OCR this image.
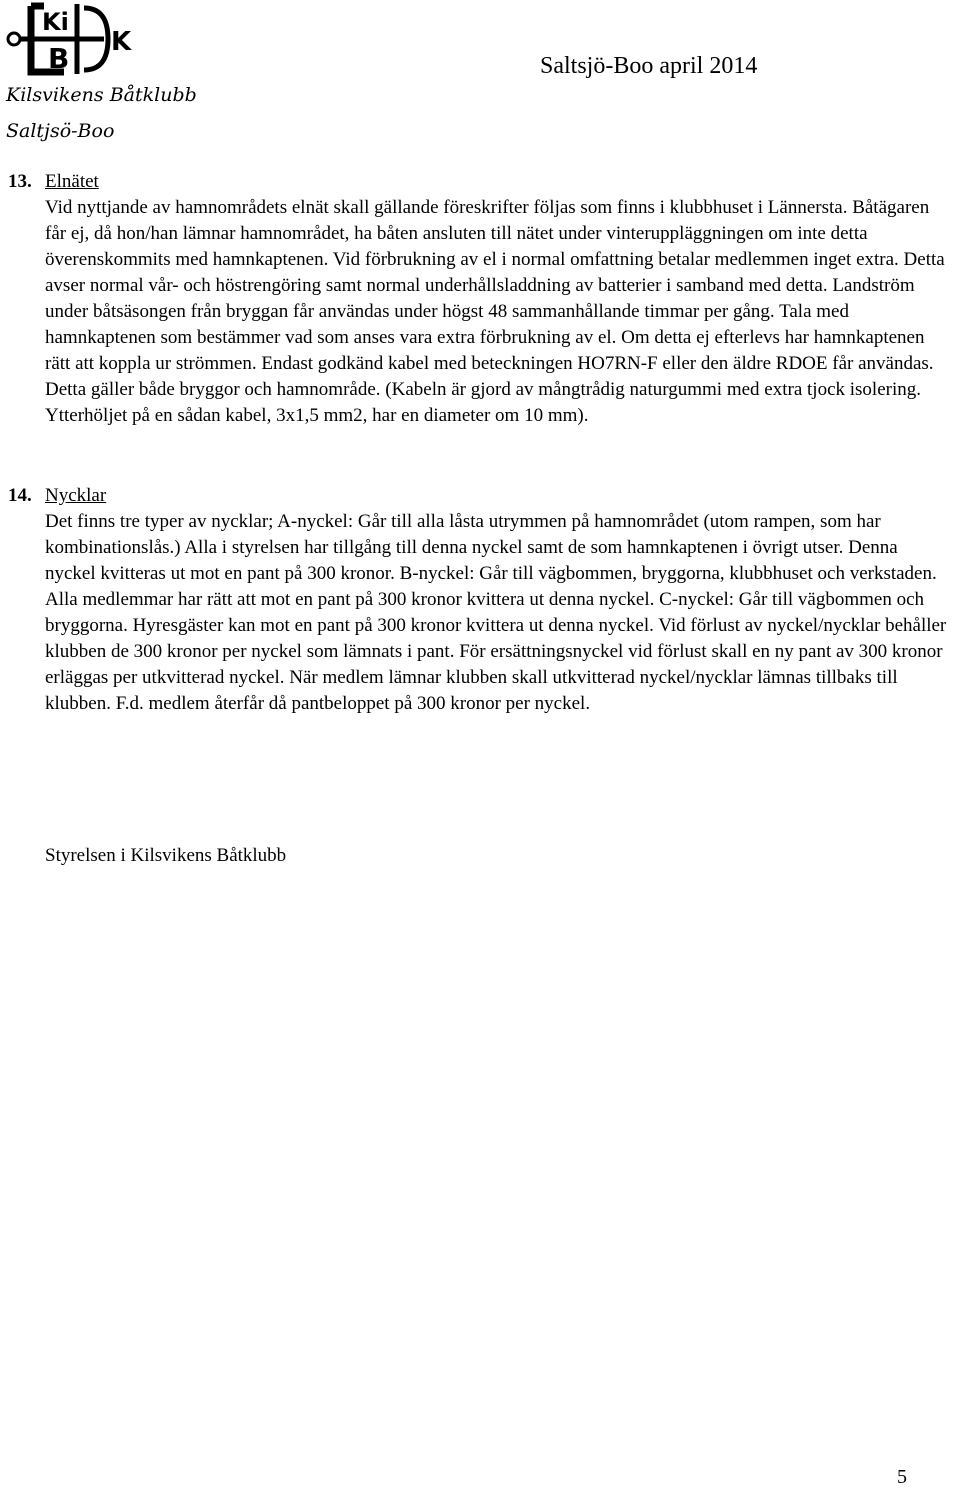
Ki
B K
Kilsvikens Båtklubb
Saltjsö-Boo
Saltsjö-Boo april 2014
13. Elnätet
Vid nyttjande av hamnområdets elnät skall gällande föreskrifter följas som finns i klubbhuset i Lännersta. Båtägaren får ej, då hon/han lämnar hamnområdet, ha båten ansluten till nätet under vinteruppläggningen om inte detta överenskommits med hamnkaptenen. Vid förbrukning av el i normal omfattning betalar medlemmen inget extra. Detta avser normal vår- och höstrengöring samt normal underhållsladdning av batterier i samband med detta. Landström under båtsäsongen från bryggan får användas under högst 48 sammanhållande timmar per gång. Tala med hamnkaptenen som bestämmer vad som anses vara extra förbrukning av el. Om detta ej efterlevs har hamnkaptenen rätt att koppla ur strömmen. Endast godkänd kabel med beteckningen HO7RN-F eller den äldre RDOE får användas. Detta gäller både bryggor och hamnområde. (Kabeln är gjord av mångtrådig naturgummi med extra tjock isolering. Ytterhöljet på en sådan kabel, 3x1,5 mm2, har en diameter om 10 mm).
14. Nycklar
Det finns tre typer av nycklar; A-nyckel: Går till alla låsta utrymmen på hamnområdet (utom rampen, som har kombinationslås.) Alla i styrelsen har tillgång till denna nyckel samt de som hamnkaptenen i övrigt utser. Denna nyckel kvitteras ut mot en pant på 300 kronor. B-nyckel: Går till vägbommen, bryggorna, klubbhuset och verkstaden. Alla medlemmar har rätt att mot en pant på 300 kronor kvittera ut denna nyckel. C-nyckel: Går till vägbommen och bryggorna. Hyresgäster kan mot en pant på 300 kronor kvittera ut denna nyckel. Vid förlust av nyckel/nycklar behåller klubben de 300 kronor per nyckel som lämnats i pant. För ersättningsnyckel vid förlust skall en ny pant av 300 kronor erläggas per utkvitterad nyckel. När medlem lämnar klubben skall utkvitterad nyckel/nycklar lämnas tillbaks till klubben. F.d. medlem återfår då pantbeloppet på 300 kronor per nyckel.
Styrelsen i Kilsvikens Båtklubb
5
